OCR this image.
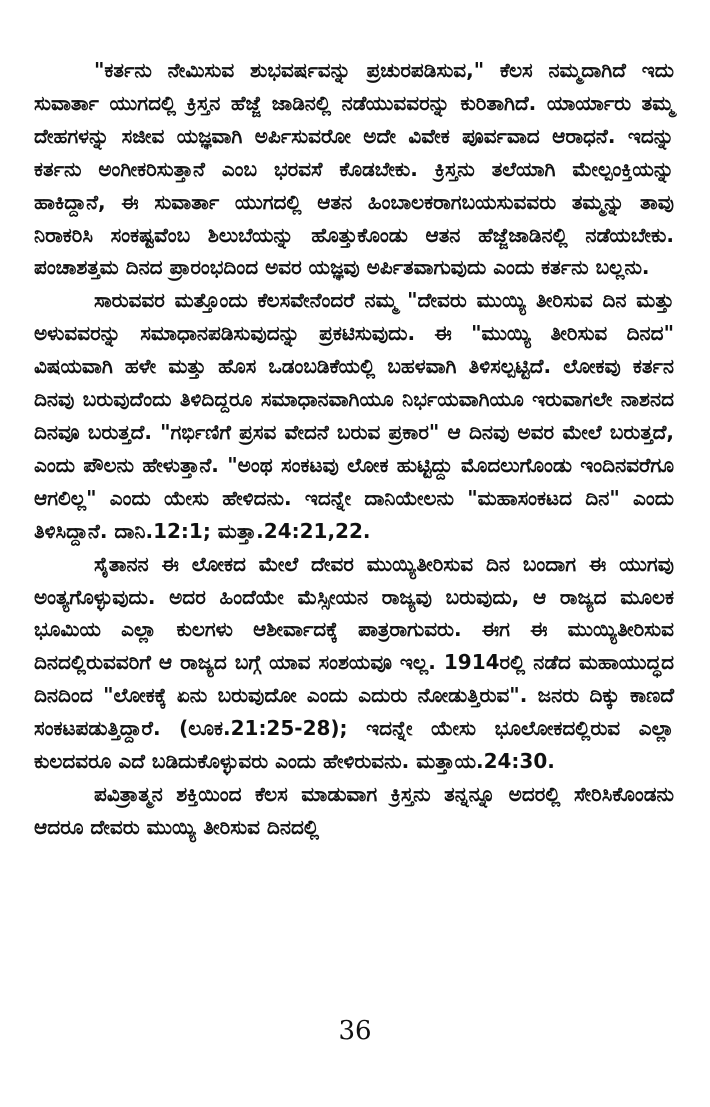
"ಕರ್ತನು ನೇಮಿಸುವ ಶುಭವರ್ಷವನ್ನು ಪ್ರಚುರಪಡಿಸುವ," ಕೆಲಸ ನಮ್ಮದಾಗಿದೆ ಇದು ಸುವಾರ್ತಾ ಯುಗದಲ್ಲಿ ಕ್ರಿಸ್ತನ ಹೆಜ್ಜೆ ಜಾಡಿನಲ್ಲಿ ನಡೆಯುವವರನ್ನು ಕುರಿತಾಗಿದೆ. ಯಾರ್ಯಾರು ತಮ್ಮ ದೇಹಗಳನ್ನು ಸಜೀವ ಯಜ್ಞವಾಗಿ ಅರ್ಪಿಸುವರೋ ಅದೇ ವಿವೇಕ ಪೂರ್ವವಾದ ಆರಾಧನೆ. ಇದನ್ನು ಕರ್ತನು ಅಂಗೀಕರಿಸುತ್ತಾನೆ ಎಂಬ ಭರವಸೆ ಕೊಡಬೇಕು. ಕ್ರಿಸ್ತನು ತಲೆಯಾಗಿ ಮೇಲ್ಪಂಕ್ತಿಯನ್ನು ಹಾಕಿದ್ದಾನೆ, ಈ ಸುವಾರ್ತಾ ಯುಗದಲ್ಲಿ ಆತನ ಹಿಂಬಾಲಕರಾಗಬಯಸುವವರು ತಮ್ಮನ್ನು ತಾವು ನಿರಾಕರಿಸಿ ಸಂಕಷ್ಟವೆಂಬ ಶಿಲುಬೆಯನ್ನು ಹೊತ್ತುಕೊಂಡು ಆತನ ಹೆಜ್ಜೆಜಾಡಿನಲ್ಲಿ ನಡೆಯಬೇಕು. ಪಂಚಾಶತ್ತಮ ದಿನದ ಪ್ರಾರಂಭದಿಂದ ಅವರ ಯಜ್ಞವು ಅರ್ಪಿತವಾಗುವುದು ಎಂದು ಕರ್ತನು ಬಲ್ಲನು.

ಸಾರುವವರ ಮತ್ತೊಂದು ಕೆಲಸವೇನೆಂದರೆ ನಮ್ಮ "ದೇವರು ಮುಯ್ಯಿ ತೀರಿಸುವ ದಿನ ಮತ್ತು ಅಳುವವರನ್ನು ಸಮಾಧಾನಪಡಿಸುವುದನ್ನು ಪ್ರಕಟಿಸುವುದು. ಈ "ಮುಯ್ಯಿ ತೀರಿಸುವ ದಿನದ" ವಿಷಯವಾಗಿ ಹಳೇ ಮತ್ತು ಹೊಸ ಒಡಂಬಡಿಕೆಯಲ್ಲಿ ಬಹಳವಾಗಿ ತಿಳಿಸಲ್ಪಟ್ಟಿದೆ. ಲೋಕವು ಕರ್ತನ ದಿನವು ಬರುವುದೆಂದು ತಿಳಿದಿದ್ದರೂ ಸಮಾಧಾನವಾಗಿಯೂ ನಿರ್ಭಯವಾಗಿಯೂ ಇರುವಾಗಲೇ ನಾಶನದ ದಿನವೂ ಬರುತ್ತದೆ. "ಗರ್ಭಿಣಿಗೆ ಪ್ರಸವ ವೇದನೆ ಬರುವ ಪ್ರಕಾರ" ಆ ದಿನವು ಅವರ ಮೇಲೆ ಬರುತ್ತದೆ, ಎಂದು ಪೌಲನು ಹೇಳುತ್ತಾನೆ. "ಅಂಥ ಸಂಕಟವು ಲೋಕ ಹುಟ್ಟಿದ್ದು ಮೊದಲುಗೊಂಡು ಇಂದಿನವರೆಗೂ ಆಗಲಿಲ್ಲ" ಎಂದು ಯೇಸು ಹೇಳಿದನು. ಇದನ್ನೇ ದಾನಿಯೇಲನು "ಮಹಾಸಂಕಟದ ದಿನ" ಎಂದು ತಿಳಿಸಿದ್ದಾನೆ. ದಾನಿ.12:1; ಮತ್ತಾ.24:21,22.

ಸೈತಾನನ ಈ ಲೋಕದ ಮೇಲೆ ದೇವರ ಮುಯ್ಯಿತೀರಿಸುವ ದಿನ ಬಂದಾಗ ಈ ಯುಗವು ಅಂತ್ಯಗೊಳ್ಳುವುದು. ಅದರ ಹಿಂದೆಯೇ ಮೆಸ್ಸೀಯನ ರಾಜ್ಯವು ಬರುವುದು, ಆ ರಾಜ್ಯದ ಮೂಲಕ ಭೂಮಿಯ ಎಲ್ಲಾ ಕುಲಗಳು ಆಶೀರ್ವಾದಕ್ಕೆ ಪಾತ್ರರಾಗುವರು. ಈಗ ಈ ಮುಯ್ಯಿತೀರಿಸುವ ದಿನದಲ್ಲಿರುವವರಿಗೆ ಆ ರಾಜ್ಯದ ಬಗ್ಗೆ ಯಾವ ಸಂಶಯವೂ ಇಲ್ಲ. 1914ರಲ್ಲಿ ನಡೆದ ಮಹಾಯುದ್ಧದ ದಿನದಿಂದ "ಲೋಕಕ್ಕೆ ಏನು ಬರುವುದೋ ಎಂದು ಎದುರು ನೋಡುತ್ತಿರುವ". ಜನರು ದಿಕ್ಕು ಕಾಣದೆ ಸಂಕಟಪಡುತ್ತಿದ್ದಾರೆ. (ಲೂಕ.21:25-28); ಇದನ್ನೇ ಯೇಸು ಭೂಲೋಕದಲ್ಲಿರುವ ಎಲ್ಲಾ ಕುಲದವರೂ ಎದೆ ಬಡಿದುಕೊಳ್ಳುವರು ಎಂದು ಹೇಳಿರುವನು. ಮತ್ತಾಯ.24:30.

ಪವಿತ್ರಾತ್ಮನ ಶಕ್ತಿಯಿಂದ ಕೆಲಸ ಮಾಡುವಾಗ ಕ್ರಿಸ್ತನು ತನ್ನನ್ನೂ ಅದರಲ್ಲಿ ಸೇರಿಸಿಕೊಂಡನು ಆದರೂ ದೇವರು ಮುಯ್ಯಿ ತೀರಿಸುವ ದಿನದಲ್ಲಿ

36
